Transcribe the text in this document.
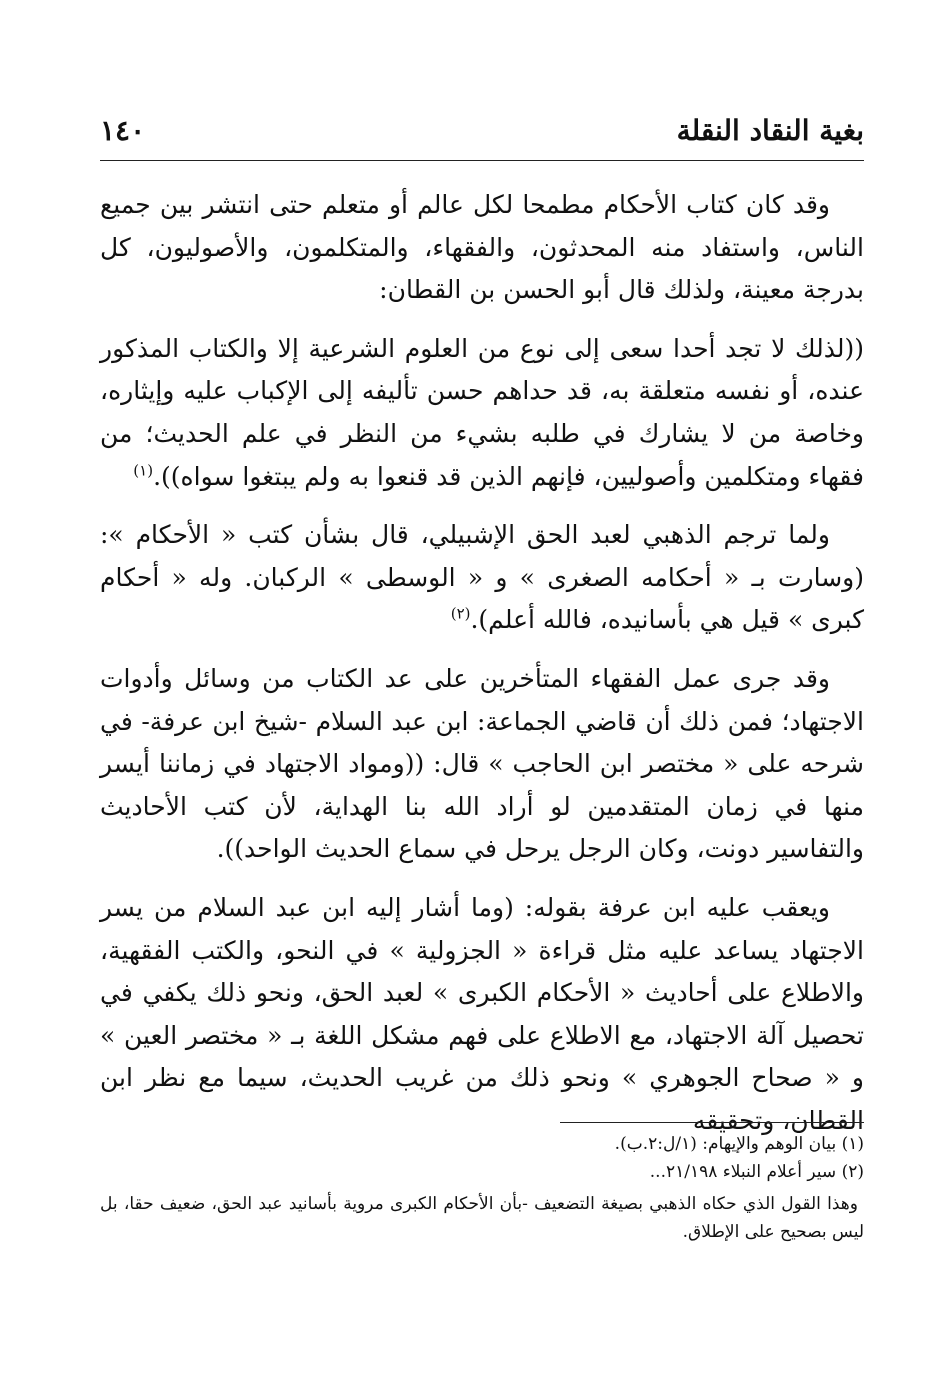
بغية النقاد النقلة
١٤٠

وقد كان كتاب الأحكام مطمحا لكل عالم أو متعلم حتى انتشر بين جميع الناس، واستفاد منه المحدثون، والفقهاء، والمتكلمون، والأصوليون، كل بدرجة معينة، ولذلك قال أبو الحسن بن القطان:

((لذلك لا تجد أحدا سعى إلى نوع من العلوم الشرعية إلا والكتاب المذكور عنده، أو نفسه متعلقة به، قد حداهم حسن تأليفه إلى الإكباب عليه وإيثاره، وخاصة من لا يشارك في طلبه بشيء من النظر في علم الحديث؛ من فقهاء ومتكلمين وأصوليين، فإنهم الذين قد قنعوا به ولم يبتغوا سواه)).$^{(١)}$

ولما ترجم الذهبي لعبد الحق الإشبيلي، قال بشأن كتب « الأحكام »: (وسارت بـ « أحكامه الصغرى » و « الوسطى » الركبان. وله « أحكام كبرى » قيل هي بأسانيده، فالله أعلم).$^{(٢)}$

وقد جرى عمل الفقهاء المتأخرين على عد الكتاب من وسائل وأدوات الاجتهاد؛ فمن ذلك أن قاضي الجماعة: ابن عبد السلام -شيخ ابن عرفة- في شرحه على « مختصر ابن الحاجب » قال: ((ومواد الاجتهاد في زماننا أيسر منها في زمان المتقدمين لو أراد الله بنا الهداية، لأن كتب الأحاديث والتفاسير دونت، وكان الرجل يرحل في سماع الحديث الواحد)).

ويعقب عليه ابن عرفة بقوله: (وما أشار إليه ابن عبد السلام من يسر الاجتهاد يساعد عليه مثل قراءة « الجزولية » في النحو، والكتب الفقهية، والاطلاع على أحاديث « الأحكام الكبرى » لعبد الحق، ونحو ذلك يكفي في تحصيل آلة الاجتهاد، مع الاطلاع على فهم مشكل اللغة بـ « مختصر العين » و « صحاح الجوهري » ونحو ذلك من غريب الحديث، سيما مع نظر ابن القطان، وتحقيقه

(١) بيان الوهم والإيهام: (١/ل:٢.ب).

(٢) سير أعلام النبلاء ٢١/١٩٨...

وهذا القول الذي حكاه الذهبي بصيغة التضعيف -بأن الأحكام الكبرى مروية بأسانيد عبد الحق، ضعيف حقا، بل ليس بصحيح على الإطلاق.
